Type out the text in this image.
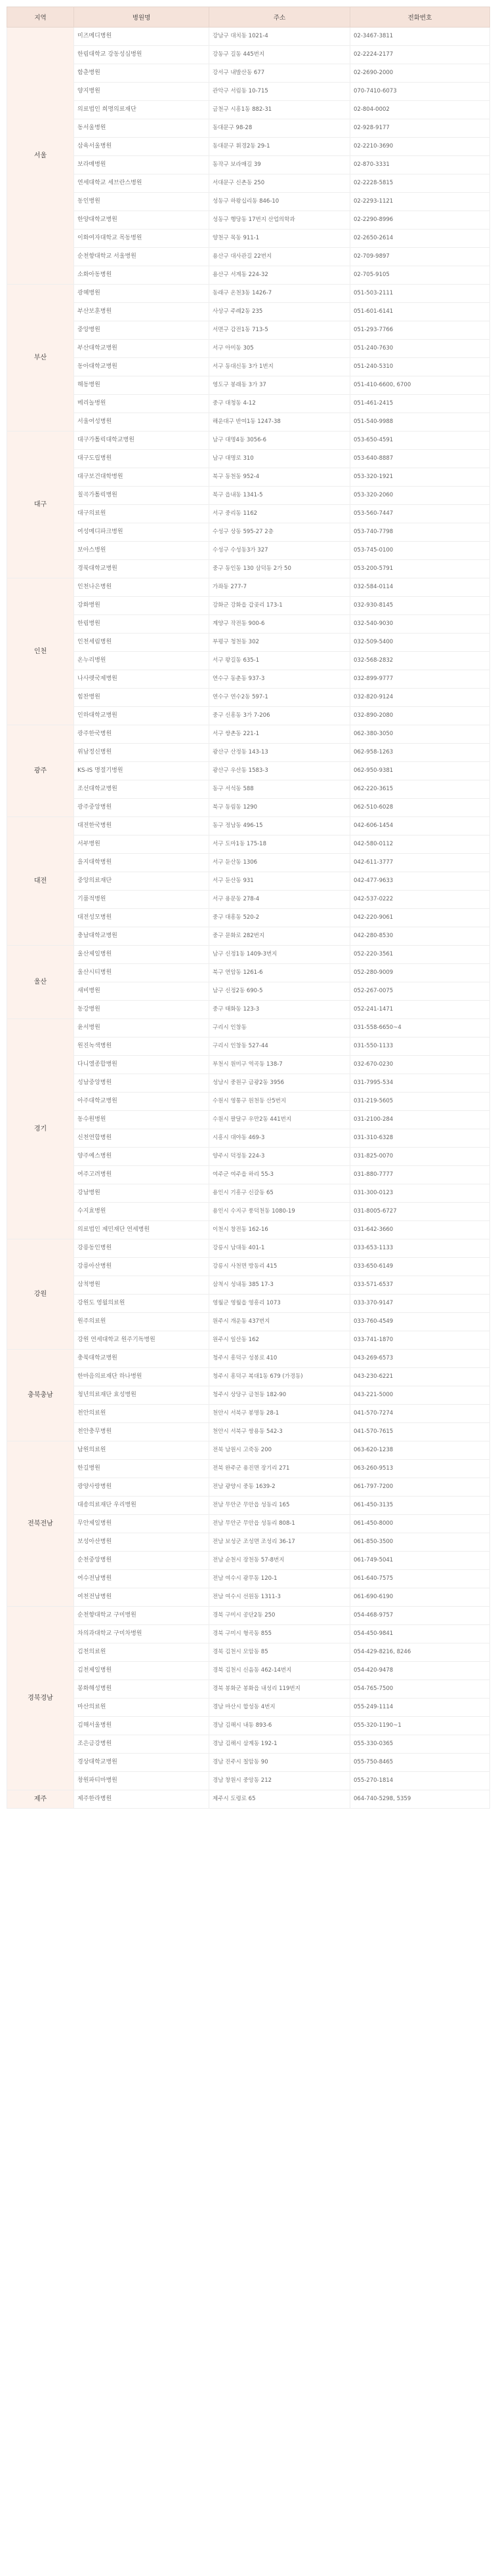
지역	병원명	주소	전화번호
서울	미즈메디병원	강남구 대치동 1021-4	02-3467-3811
	한림대학교 강동성심병원	강동구 길동 445번지	02-2224-2177
	함춘병원	강서구 내발산동 677	02-2690-2000
	양지병원	관악구 서림동 10-715	070-7410-6073
	의료법인 희명의료재단	금천구 시흥1동 882-31	02-804-0002
	동서울병원	동대문구 98-28	02-928-9177
	삼육서울병원	동대문구 휘경2동 29-1	02-2210-3690
	보라매병원	동작구 보라매길 39	02-870-3331
	연세대학교 세브란스병원	서대문구 신촌동 250	02-2228-5815
	동인병원	성동구 하왕십리동 846-10	02-2293-1121
	한양대학교병원	성동구 행당동 17번지 산업의학과	02-2290-8996
	이화여자대학교 목동병원	양천구 목동 911-1	02-2650-2614
	순천향대학교 서울병원	용산구 대사관길 22번지	02-709-9897
	소화아동병원	용산구 서계동 224-32	02-705-9105
부산	광혜병원	동래구 온천3동 1426-7	051-503-2111
	부산보훈병원	사상구 주례2동 235	051-601-6141
	중앙병원	서면구 감전1동 713-5	051-293-7766
	부산대학교병원	서구 아미동 305	051-240-7630
	동아대학교병원	서구 동대신동 3가 1번지	051-240-5310
	해동병원	영도구 봉래동 3가 37	051-410-6600, 6700
	메리놀병원	중구 대청동 4-12	051-461-2415
	서울여성병원	해운대구 반여1동 1247-38	051-540-9988
대구	대구가톨릭대학교병원	남구 대명4동 3056-6	053-650-4591
	대구도립병원	남구 대명로 310	053-640-8887
	대구보건대학병원	북구 동천동 952-4	053-320-1921
	칠곡가톨릭병원	북구 읍내동 1341-5	053-320-2060
	대구의료원	서구 중리동 1162	053-560-7447
	여성메디파크병원	수성구 상동 595-27 2층	053-740-7798
	보아스병원	수성구 수성동3가 327	053-745-0100
	경북대학교병원	중구 동인동 130 삼덕동 2가 50	053-200-5791
인천	인천나은병원	가좌동 277-7	032-584-0114
	강화병원	강화군 강화읍 갑곶리 173-1	032-930-8145
	한림병원	계양구 작전동 900-6	032-540-9030
	인천세림병원	부평구 청천동 302	032-509-5400
	온누리병원	서구 왕길동 635-1	032-568-2832
	나사렛국제병원	연수구 동춘동 937-3	032-899-9777
	힘찬병원	연수구 연수2동 597-1	032-820-9124
	인하대학교병원	중구 신흥동 3가 7-206	032-890-2080
광주	광주한국병원	서구 쌍촌동 221-1	062-380-3050
	위남정신병원	광산구 산정동 143-13	062-958-1263
	KS-IS 명절기병원	광산구 우산동 1583-3	062-950-9381
	조선대학교병원	동구 서석동 588	062-220-3615
	광주중앙병원	북구 동림동 1290	062-510-6028
대전	대전한국병원	동구 정남동 496-15	042-606-1454
	서부병원	서구 도마1동 175-18	042-580-0112
	을지대학병원	서구 둔산동 1306	042-611-3777
	중앙의료재단	서구 둔산동 931	042-477-9633
	기품적병원	서구 용문동 278-4	042-537-0222
	대전성모병원	중구 대흥동 520-2	042-220-9061
	충남대학교병원	중구 문화로 282번지	042-280-8530
울산	울산제일병원	남구 신정1동 1409-3번지	052-220-3561
	울산시티병원	북구 연암동 1261-6	052-280-9009
	새비병원	남구 신정2동 690-5	052-267-0075
	동강병원	중구 태화동 123-3	052-241-1471
경기	윤서병원	구리시 인창동	031-558-6650~4
	원진녹색병원	구리시 인창동 527-44	031-550-1133
	다니엘종합병원	부천시 원미구 역곡동 138-7	032-670-0230
	성남중앙병원	성남시 중원구 금광2동 3956	031-7995-534
	아주대학교병원	수원시 영통구 원천동 산5번지	031-219-5605
	동수원병원	수원시 팔달구 우만2동 441번지	031-2100-284
	신천연합병원	시흥시 대야동 469-3	031-310-6328
	양주예스병원	양주시 덕정동 224-3	031-825-0070
	여주고려병원	여주군 여주읍 하리 55-3	031-880-7777
	강남병원	용인시 기흥구 신갈동 65	031-300-0123
	수지효병원	용인시 수지구 풍덕천동 1080-19	031-8005-6727
	의료법인 제민재단 연세병원	이천시 창전동 162-16	031-642-3660
강원	강릉동인병원	강릉시 남대동 401-1	033-653-1133
	강릉아산병원	강릉시 사천면 방동리 415	033-650-6149
	삼척병원	삼척시 성내동 385 17-3	033-571-6537
	강원도 영월의료원	영월군 영월읍 영흥리 1073	033-370-9147
	원주의료원	원주시 개운동 437번지	033-760-4549
	강원 연세대학교 원주기독병원	원주시 일산동 162	033-741-1870
충북충남	충북대학교병원	청주시 흥덕구 성봉로 410	043-269-6573
	한마음의료재단 하나병원	청주시 흥덕구 복대1동 679 (가경동)	043-230-6221
	청년의료재단 효성병원	청주시 상당구 금천동 182-90	043-221-5000
	천안의료원	천안시 서북구 봉명동 28-1	041-570-7274
	천안충무병원	천안시 서북구 쌍용동 542-3	041-570-7615
전북전남	남원의료원	전북 남원시 고죽동 200	063-620-1238
	한길병원	전북 완주군 용진면 장기리 271	063-260-9513
	광양사랑병원	전남 광양시 중동 1639-2	061-797-7200
	대송의료재단 우리병원	전남 무안군 무안읍 성동리 165	061-450-3135
	무안제일병원	전남 무안군 무안읍 성동리 808-1	061-450-8000
	보성아산병원	전남 보성군 조성면 조성리 36-17	061-850-3500
	순천중앙병원	전남 순천시 장천동 57-8번지	061-749-5041
	여수전남병원	전남 여수시 광무동 120-1	061-640-7575
	여천전남병원	전남 여수시 선원동 1311-3	061-690-6190
경북경남	순천향대학교 구미병원	경북 구미시 공단2동 250	054-468-9757
	차의과대학교 구미차병원	경북 구미시 형곡동 855	054-450-9841
	김천의료원	경북 김천시 모암동 85	054-429-8216, 8246
	김천제일병원	경북 김천시 신음동 462-14번지	054-420-9478
	봉화해성병원	경북 봉화군 봉화읍 내성리 119번지	054-765-7500
	마산의료원	경남 마산시 합성동 4번지	055-249-1114
	김해서울병원	경남 김해시 내동 893-6	055-320-1190~1
	조은금강병원	경남 김해시 삼계동 192-1	055-330-0365
	경상대학교병원	경남 진주시 칠암동 90	055-750-8465
	창원파티마병원	경남 창원시 중앙동 212	055-270-1814
제주	제주한라병원	제주시 도령로 65	064-740-5298, 5359
